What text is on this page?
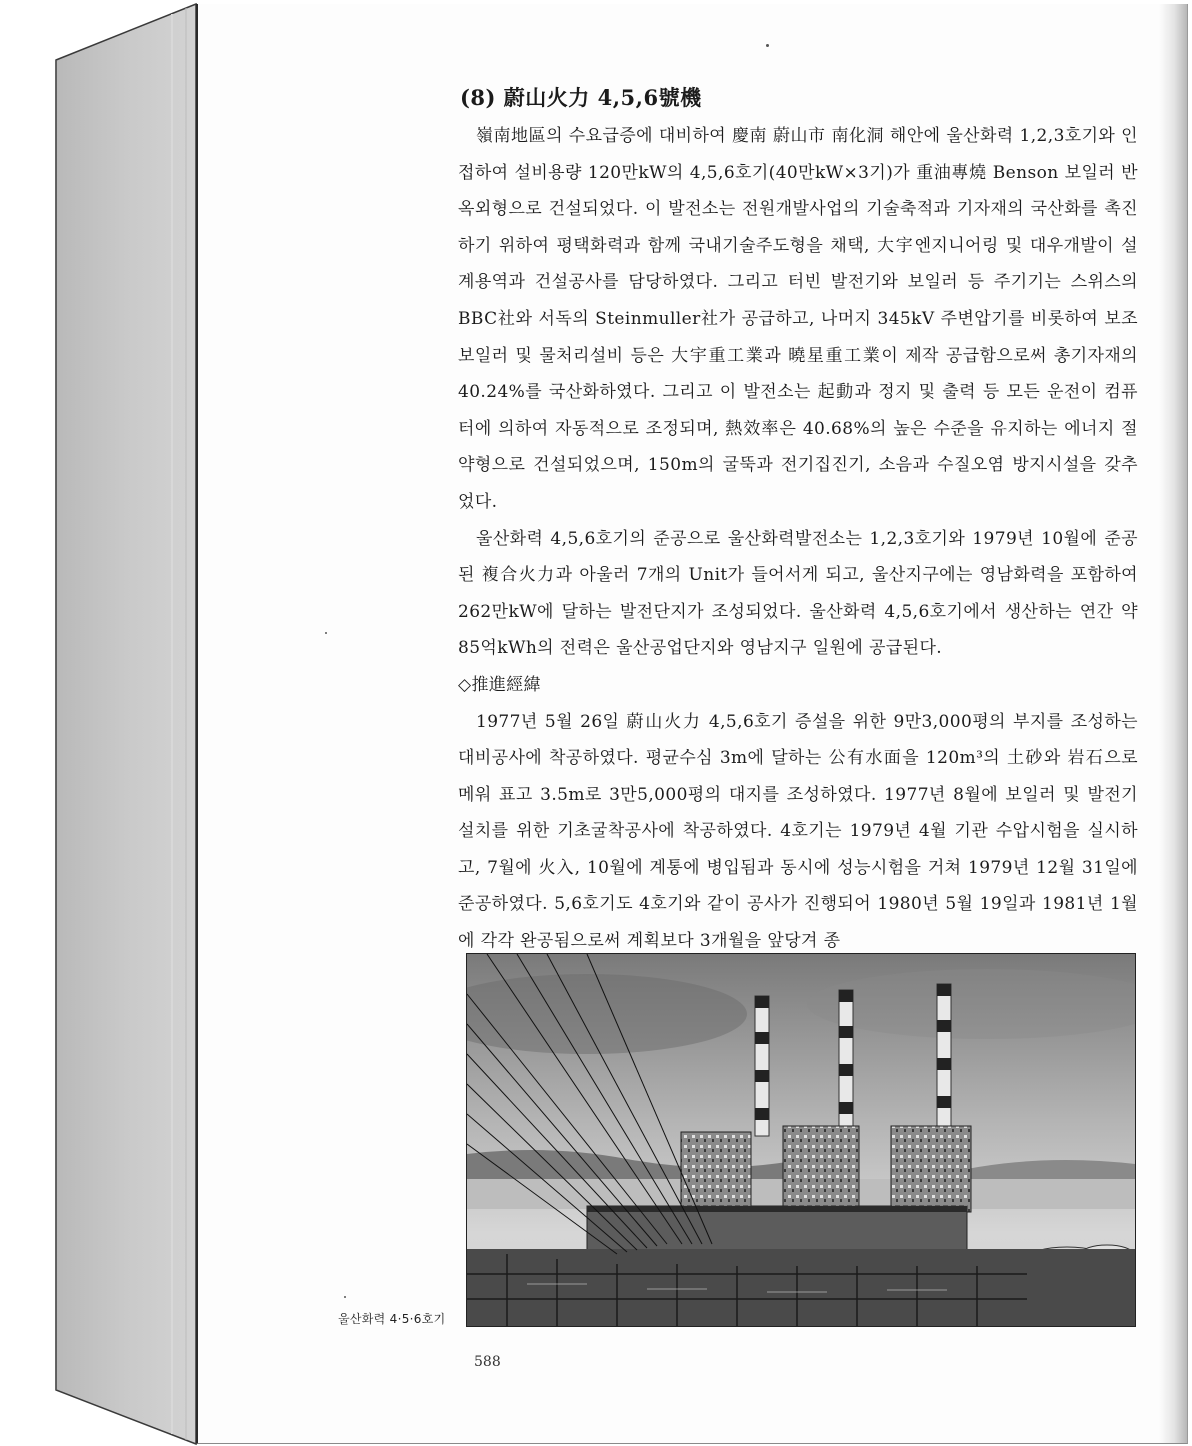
(8) 蔚山火力 4,5,6號機

嶺南地區의 수요급증에 대비하여 慶南 蔚山市 南化洞 해안에 울산화력 1,2,3호기와 인접하여 설비용량 120만kW의 4,5,6호기(40만kW×3기)가 重油專燒 Benson 보일러 반옥외형으로 건설되었다. 이 발전소는 전원개발사업의 기술축적과 기자재의 국산화를 촉진하기 위하여 평택화력과 함께 국내기술주도형을 채택, 大宇엔지니어링 및 대우개발이 설계용역과 건설공사를 담당하였다. 그리고 터빈 발전기와 보일러 등 주기기는 스위스의 BBC社와 서독의 Steinmuller社가 공급하고, 나머지 345kV 주변압기를 비롯하여 보조보일러 및 물처리설비 등은 大宇重工業과 曉星重工業이 제작 공급함으로써 총기자재의 40.24%를 국산화하였다. 그리고 이 발전소는 起動과 정지 및 출력 등 모든 운전이 컴퓨터에 의하여 자동적으로 조정되며, 熱效率은 40.68%의 높은 수준을 유지하는 에너지 절약형으로 건설되었으며, 150m의 굴뚝과 전기집진기, 소음과 수질오염 방지시설을 갖추었다.

울산화력 4,5,6호기의 준공으로 울산화력발전소는 1,2,3호기와 1979년 10월에 준공된 複合火力과 아울러 7개의 Unit가 들어서게 되고, 울산지구에는 영남화력을 포함하여 262만kW에 달하는 발전단지가 조성되었다. 울산화력 4,5,6호기에서 생산하는 연간 약 85억kWh의 전력은 울산공업단지와 영남지구 일원에 공급된다.

◇推進經緯

1977년 5월 26일 蔚山火力 4,5,6호기 증설을 위한 9만3,000평의 부지를 조성하는 대비공사에 착공하였다. 평균수심 3m에 달하는 公有水面을 120m³의 土砂와 岩石으로 메워 표고 3.5m로 3만5,000평의 대지를 조성하였다. 1977년 8월에 보일러 및 발전기 설치를 위한 기초굴착공사에 착공하였다. 4호기는 1979년 4월 기관 수압시험을 실시하고, 7월에 火入, 10월에 계통에 병입됨과 동시에 성능시험을 거쳐 1979년 12월 31일에 준공하였다. 5,6호기도 4호기와 같이 공사가 진행되어 1980년 5월 19일과 1981년 1월에 각각 완공됨으로써 계획보다 3개월을 앞당겨 종

울산화력 4·5·6호기
588
